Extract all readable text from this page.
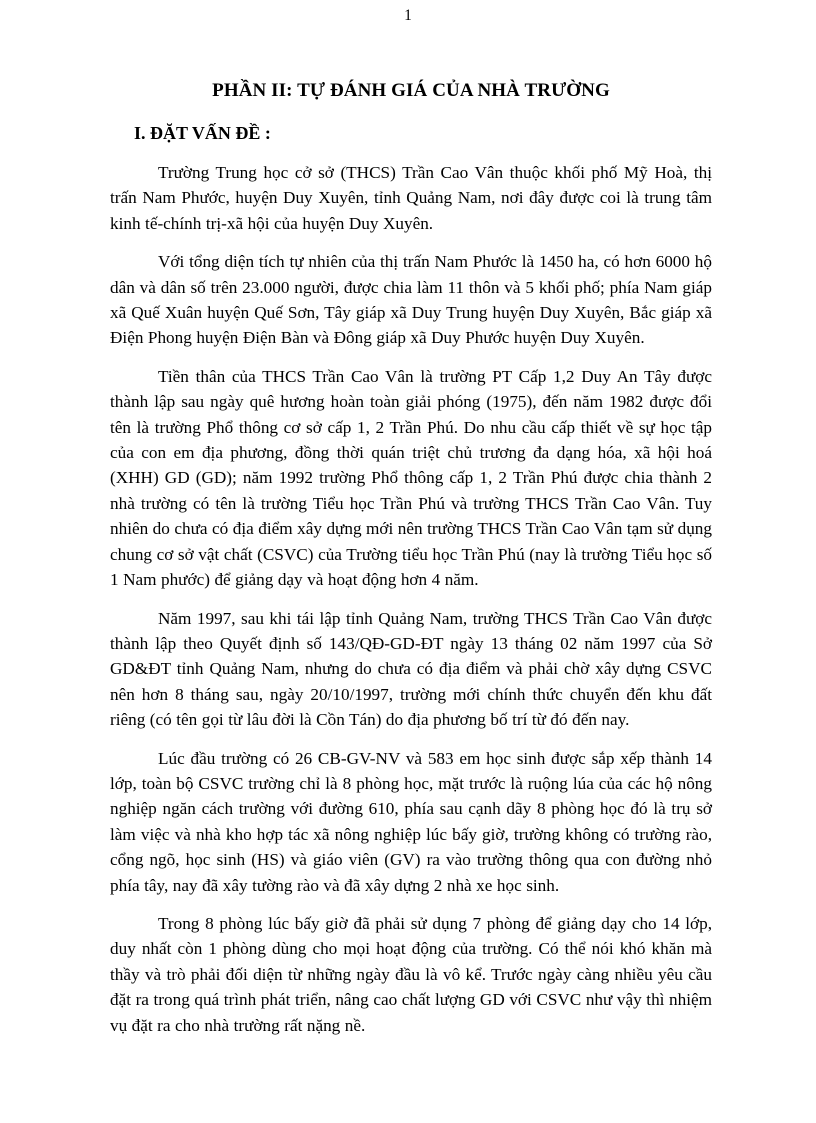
1
PHẦN II: TỰ ĐÁNH GIÁ CỦA NHÀ TRƯỜNG
I. ĐẶT VẤN ĐỀ :

Trường Trung học cở sở (THCS) Trần Cao Vân thuộc khối phố Mỹ Hoà, thị trấn Nam Phước, huyện Duy Xuyên, tỉnh Quảng Nam, nơi đây được coi là trung tâm kinh tế-chính trị-xã hội của huyện Duy Xuyên.

Với tổng diện tích tự nhiên của thị trấn Nam Phước là 1450 ha, có hơn 6000 hộ dân và dân số trên 23.000 người, được chia làm 11 thôn và 5 khối phố; phía Nam giáp xã Quế Xuân huyện Quế Sơn, Tây giáp xã Duy Trung huyện Duy Xuyên, Bắc giáp xã Điện Phong huyện Điện Bàn và Đông giáp xã Duy Phước huyện Duy Xuyên.

Tiền thân của THCS Trần Cao Vân là trường PT Cấp 1,2 Duy An Tây được thành lập sau ngày quê hương hoàn toàn giải phóng (1975), đến năm 1982 được đổi tên là trường Phổ thông cơ sở cấp 1, 2 Trần Phú. Do nhu cầu cấp thiết về sự học tập của con em địa phương, đồng thời quán triệt chủ trương đa dạng hóa, xã hội hoá (XHH) GD (GD); năm 1992 trường Phổ thông cấp 1, 2 Trần Phú được chia thành 2 nhà trường có tên là trường Tiểu học Trần Phú và trường THCS Trần Cao Vân. Tuy nhiên do chưa có địa điểm xây dựng mới nên trường THCS Trần Cao Vân tạm sử dụng chung cơ sở vật chất (CSVC) của Trường tiểu học Trần Phú (nay là trường Tiểu học số 1 Nam phước) để giảng dạy và hoạt động hơn 4 năm.

Năm 1997, sau khi tái lập tỉnh Quảng Nam, trường THCS Trần Cao Vân được thành lập theo Quyết định số 143/QĐ-GD-ĐT ngày 13 tháng 02 năm 1997 của Sở GD&ĐT tỉnh Quảng Nam, nhưng do chưa có địa điểm và phải chờ xây dựng CSVC nên hơn 8 tháng sau, ngày 20/10/1997, trường mới chính thức chuyển đến khu đất riêng (có tên gọi từ lâu đời là Cồn Tán) do địa phương bố trí từ đó đến nay.

Lúc đầu trường có 26 CB-GV-NV và 583 em học sinh được sắp xếp thành 14 lớp, toàn bộ CSVC trường chỉ là 8 phòng học, mặt trước là ruộng lúa của các hộ nông nghiệp ngăn cách trường với đường 610, phía sau cạnh dãy 8 phòng học đó là trụ sở làm việc và nhà kho hợp tác xã nông nghiệp lúc bấy giờ, trường không có trường rào, cổng ngõ, học sinh (HS) và giáo viên (GV) ra vào trường thông qua con đường nhỏ phía tây, nay đã xây tường rào và đã xây dựng 2 nhà xe học sinh.

Trong 8 phòng lúc bấy giờ đã phải sử dụng 7 phòng để giảng dạy cho 14 lớp, duy nhất còn 1 phòng dùng cho mọi hoạt động của trường. Có thể nói khó khăn mà thầy và trò phải đối diện từ những ngày đầu là vô kể. Trước ngày càng nhiều yêu cầu đặt ra trong quá trình phát triển, nâng cao chất lượng GD với CSVC như vậy thì nhiệm vụ đặt ra cho nhà trường rất nặng nề.
